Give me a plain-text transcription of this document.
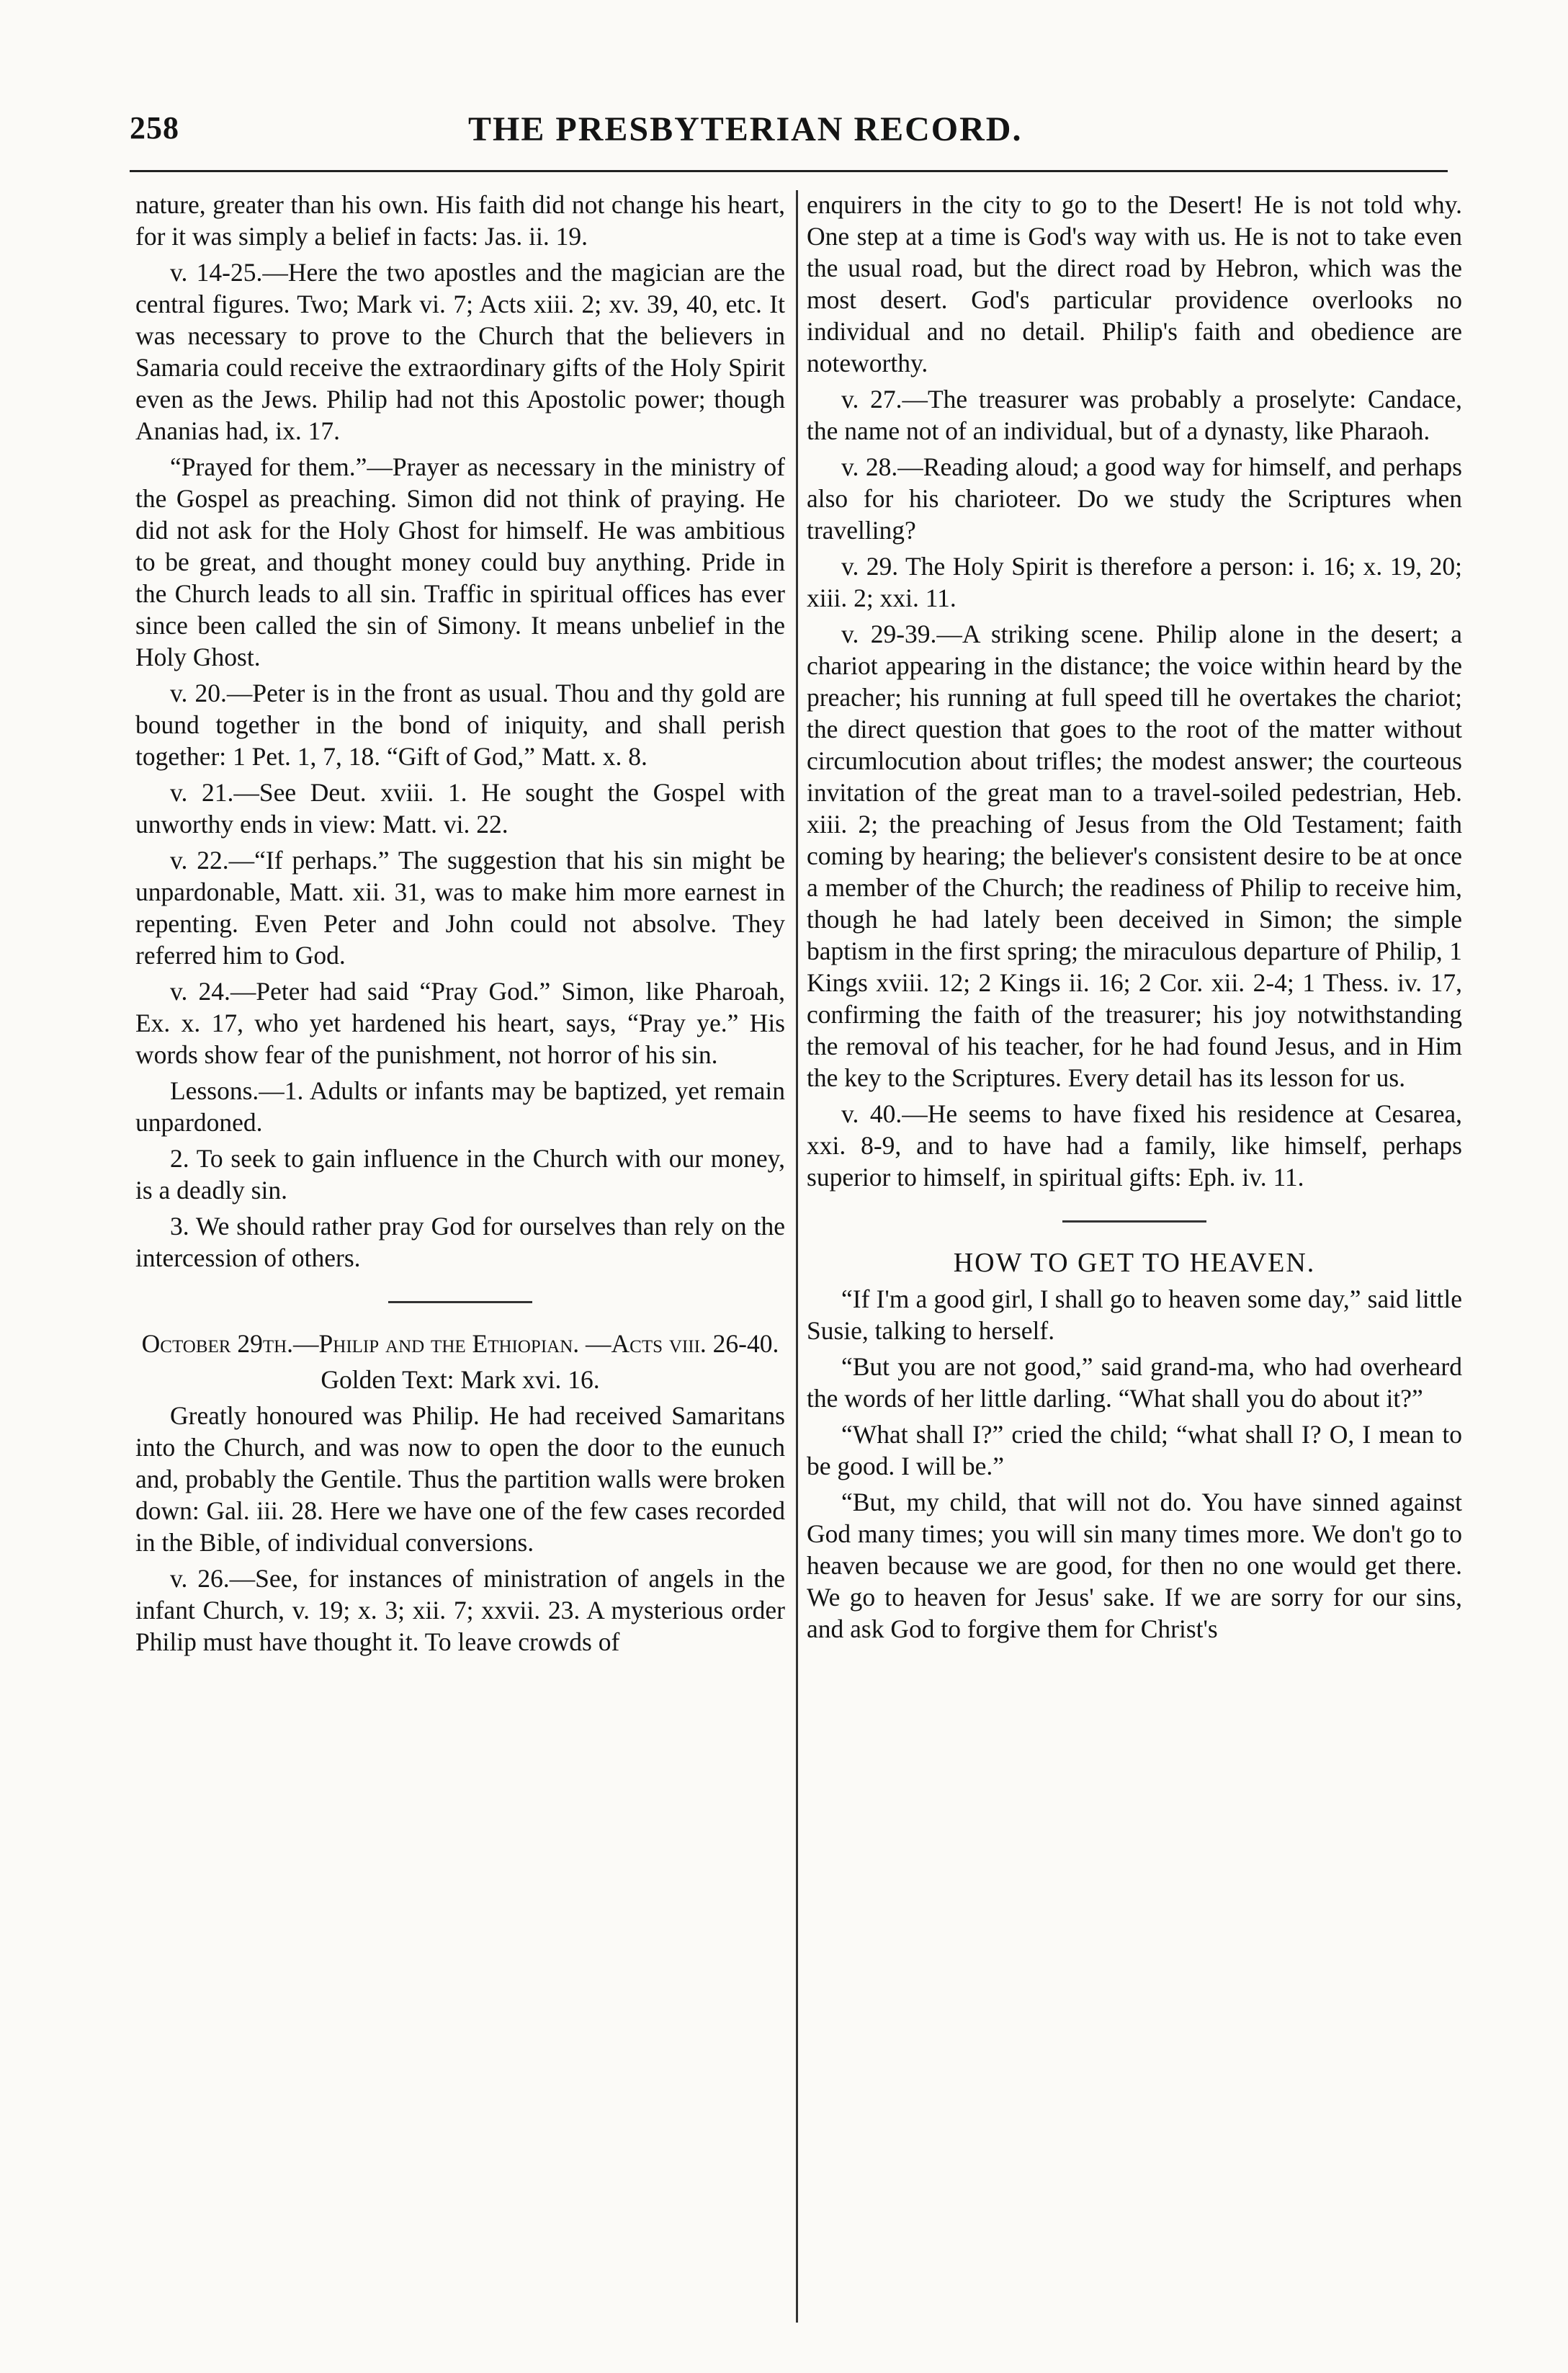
258	THE PRESBYTERIAN RECORD.

nature, greater than his own. His faith did not change his heart, for it was simply a belief in facts: Jas. ii. 19.

v. 14-25.—Here the two apostles and the magician are the central figures. Two; Mark vi. 7; Acts xiii. 2; xv. 39, 40, etc. It was necessary to prove to the Church that the believers in Samaria could receive the extraordinary gifts of the Holy Spirit even as the Jews. Philip had not this Apostolic power; though Ananias had, ix. 17.

“Prayed for them.”—Prayer as necessary in the ministry of the Gospel as preaching. Simon did not think of praying. He did not ask for the Holy Ghost for himself. He was ambitious to be great, and thought money could buy anything. Pride in the Church leads to all sin. Traffic in spiritual offices has ever since been called the sin of Simony. It means unbelief in the Holy Ghost.

v. 20.—Peter is in the front as usual. Thou and thy gold are bound together in the bond of iniquity, and shall perish together: 1 Pet. 1, 7, 18. “Gift of God,” Matt. x. 8.

v. 21.—See Deut. xviii. 1. He sought the Gospel with unworthy ends in view: Matt. vi. 22.

v. 22.—“If perhaps.” The suggestion that his sin might be unpardonable, Matt. xii. 31, was to make him more earnest in repenting. Even Peter and John could not absolve. They referred him to God.

v. 24.—Peter had said “Pray God.” Simon, like Pharoah, Ex. x. 17, who yet hardened his heart, says, “Pray ye.” His words show fear of the punishment, not horror of his sin.

Lessons.—1. Adults or infants may be baptized, yet remain unpardoned.

2. To seek to gain influence in the Church with our money, is a deadly sin.

3. We should rather pray God for ourselves than rely on the intercession of others.

October 29th.—Philip and the Ethiopian. —Acts viii. 26-40.

Golden Text: Mark xvi. 16.

Greatly honoured was Philip. He had received Samaritans into the Church, and was now to open the door to the eunuch and, probably the Gentile. Thus the partition walls were broken down: Gal. iii. 28. Here we have one of the few cases recorded in the Bible, of individual conversions.

v. 26.—See, for instances of ministration of angels in the infant Church, v. 19; x. 3; xii. 7; xxvii. 23. A mysterious order Philip must have thought it. To leave crowds of

enquirers in the city to go to the Desert! He is not told why. One step at a time is God's way with us. He is not to take even the usual road, but the direct road by Hebron, which was the most desert. God's particular providence overlooks no individual and no detail. Philip's faith and obedience are noteworthy.

v. 27.—The treasurer was probably a proselyte: Candace, the name not of an individual, but of a dynasty, like Pharaoh.

v. 28.—Reading aloud; a good way for himself, and perhaps also for his charioteer. Do we study the Scriptures when travelling?

v. 29. The Holy Spirit is therefore a person: i. 16; x. 19, 20; xiii. 2; xxi. 11.

v. 29-39.—A striking scene. Philip alone in the desert; a chariot appearing in the distance; the voice within heard by the preacher; his running at full speed till he overtakes the chariot; the direct question that goes to the root of the matter without circumlocution about trifles; the modest answer; the courteous invitation of the great man to a travel-soiled pedestrian, Heb. xiii. 2; the preaching of Jesus from the Old Testament; faith coming by hearing; the believer's consistent desire to be at once a member of the Church; the readiness of Philip to receive him, though he had lately been deceived in Simon; the simple baptism in the first spring; the miraculous departure of Philip, 1 Kings xviii. 12; 2 Kings ii. 16; 2 Cor. xii. 2-4; 1 Thess. iv. 17, confirming the faith of the treasurer; his joy notwithstanding the removal of his teacher, for he had found Jesus, and in Him the key to the Scriptures. Every detail has its lesson for us.

v. 40.—He seems to have fixed his residence at Cesarea, xxi. 8-9, and to have had a family, like himself, perhaps superior to himself, in spiritual gifts: Eph. iv. 11.

HOW TO GET TO HEAVEN.

“If I'm a good girl, I shall go to heaven some day,” said little Susie, talking to herself.

“But you are not good,” said grand-ma, who had overheard the words of her little darling. “What shall you do about it?”

“What shall I?” cried the child; “what shall I? O, I mean to be good. I will be.”

“But, my child, that will not do. You have sinned against God many times; you will sin many times more. We don't go to heaven because we are good, for then no one would get there. We go to heaven for Jesus' sake. If we are sorry for our sins, and ask God to forgive them for Christ's
